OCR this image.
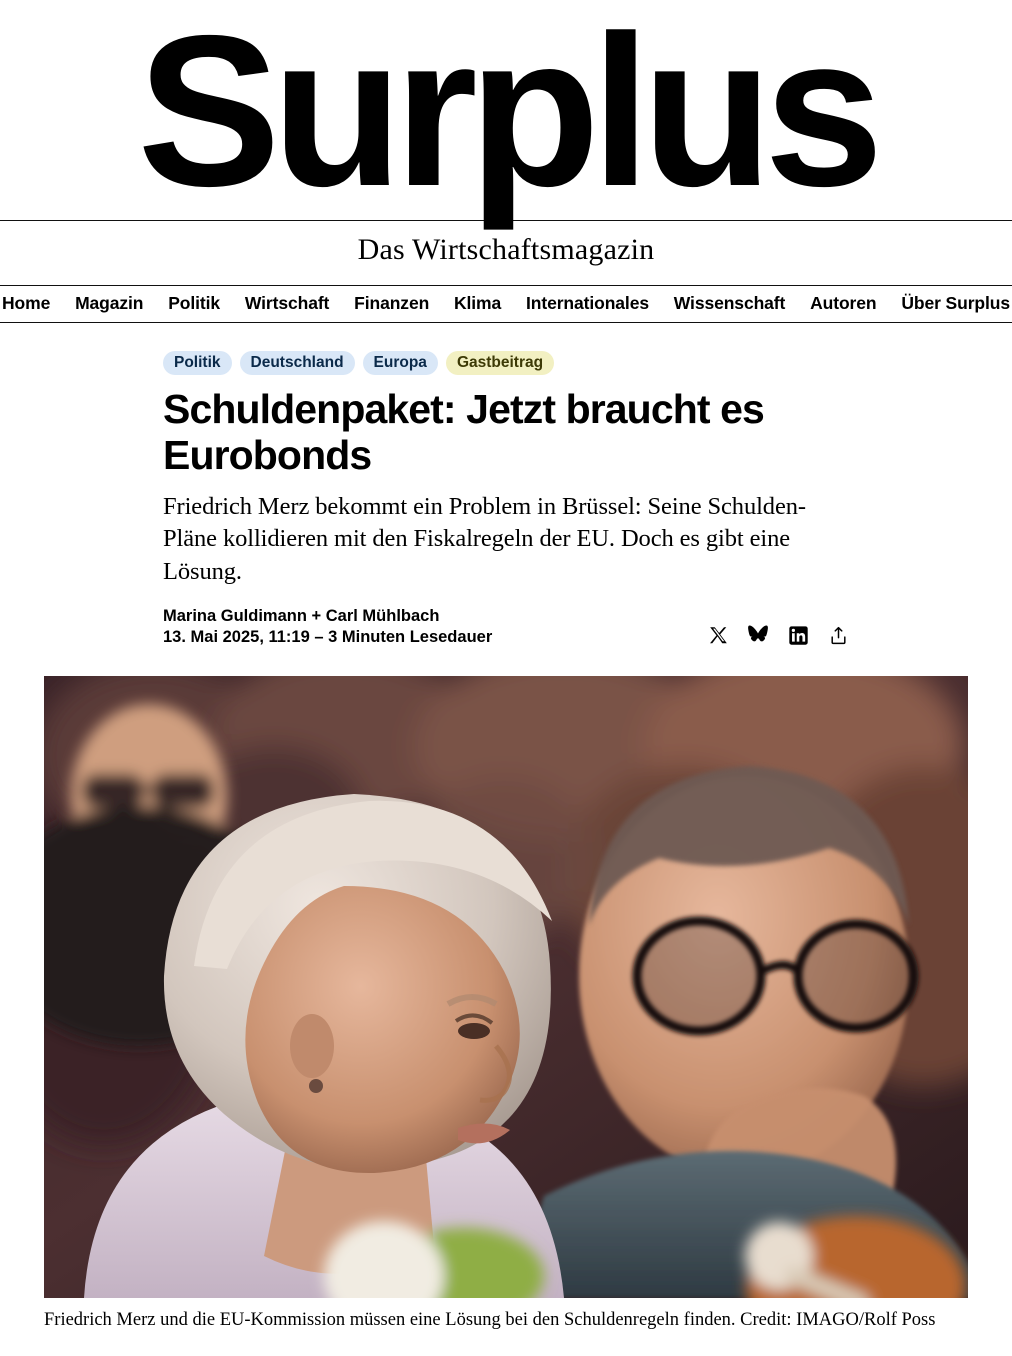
Surplus
Das Wirtschaftsmagazin
Home Magazin Politik Wirtschaft Finanzen Klima Internationales Wissenschaft Autoren Über Surplus
Politik	Deutschland	Europa	Gastbeitrag
Schuldenpaket: Jetzt braucht es Eurobonds

Friedrich Merz bekommt ein Problem in Brüssel: Seine Schulden-Pläne kollidieren mit den Fiskalregeln der EU. Doch es gibt eine Lösung.

Marina Guldimann + Carl Mühlbach
13. Mai 2025, 11:19 – 3 Minuten Lesedauer
Friedrich Merz und die EU-Kommission müssen eine Lösung bei den Schuldenregeln finden. Credit: IMAGO/Rolf Poss
